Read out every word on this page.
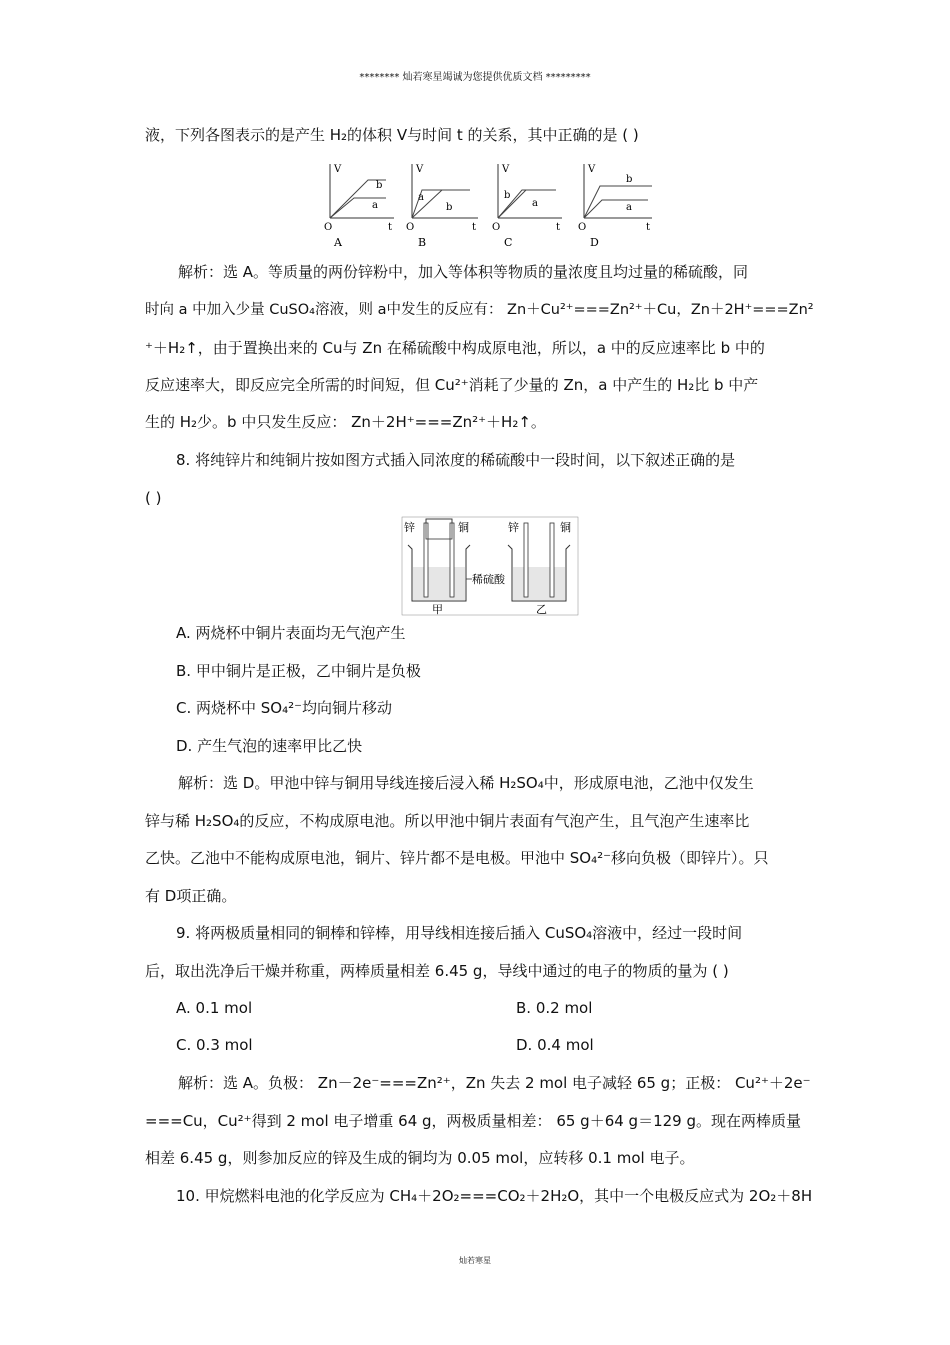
******** 灿若寒星竭诚为您提供优质文档 *********
液，下列各图表示的是产生 H₂的体积 V与时间 t 的关系，其中正确的是 ( )
V
t
O
b
a
A
V
t
O
a
b
B
V
t
O
b
a
C
V
t
O
b
a
D
解析：选 A。等质量的两份锌粉中，加入等体积等物质的量浓度且均过量的稀硫酸，同
时向 a 中加入少量 CuSO₄溶液，则 a中发生的反应有： Zn＋Cu²⁺===Zn²⁺＋Cu，Zn＋2H⁺===Zn²
⁺＋H₂↑，由于置换出来的 Cu与 Zn 在稀硫酸中构成原电池，所以，a 中的反应速率比 b 中的
反应速率大，即反应完全所需的时间短，但 Cu²⁺消耗了少量的 Zn，a 中产生的 H₂比 b 中产
生的 H₂少。b 中只发生反应： Zn＋2H⁺===Zn²⁺＋H₂↑。
8. 将纯锌片和纯铜片按如图方式插入同浓度的稀硫酸中一段时间，以下叙述正确的是
( )
锌	铜	锌	铜
稀硫酸
甲	乙
A. 两烧杯中铜片表面均无气泡产生
B. 甲中铜片是正极，乙中铜片是负极
C. 两烧杯中 SO₄²⁻均向铜片移动
D. 产生气泡的速率甲比乙快
解析：选 D。甲池中锌与铜用导线连接后浸入稀 H₂SO₄中，形成原电池，乙池中仅发生
锌与稀 H₂SO₄的反应，不构成原电池。所以甲池中铜片表面有气泡产生，且气泡产生速率比
乙快。乙池中不能构成原电池，铜片、锌片都不是电极。甲池中 SO₄²⁻移向负极（即锌片）。只
有 D项正确。
9. 将两极质量相同的铜棒和锌棒，用导线相连接后插入 CuSO₄溶液中，经过一段时间
后，取出洗净后干燥并称重，两棒质量相差 6.45 g，导线中通过的电子的物质的量为 ( )
A. 0.1 mol	B. 0.2 mol
C. 0.3 mol	D. 0.4 mol
解析：选 A。负极： Zn－2e⁻===Zn²⁺，Zn 失去 2 mol 电子减轻 65 g；正极： Cu²⁺＋2e⁻
===Cu，Cu²⁺得到 2 mol 电子增重 64 g，两极质量相差： 65 g＋64 g＝129 g。现在两棒质量
相差 6.45 g，则参加反应的锌及生成的铜均为 0.05 mol，应转移 0.1 mol 电子。
10. 甲烷燃料电池的化学反应为 CH₄＋2O₂===CO₂＋2H₂O，其中一个电极反应式为 2O₂＋8H
灿若寒星
